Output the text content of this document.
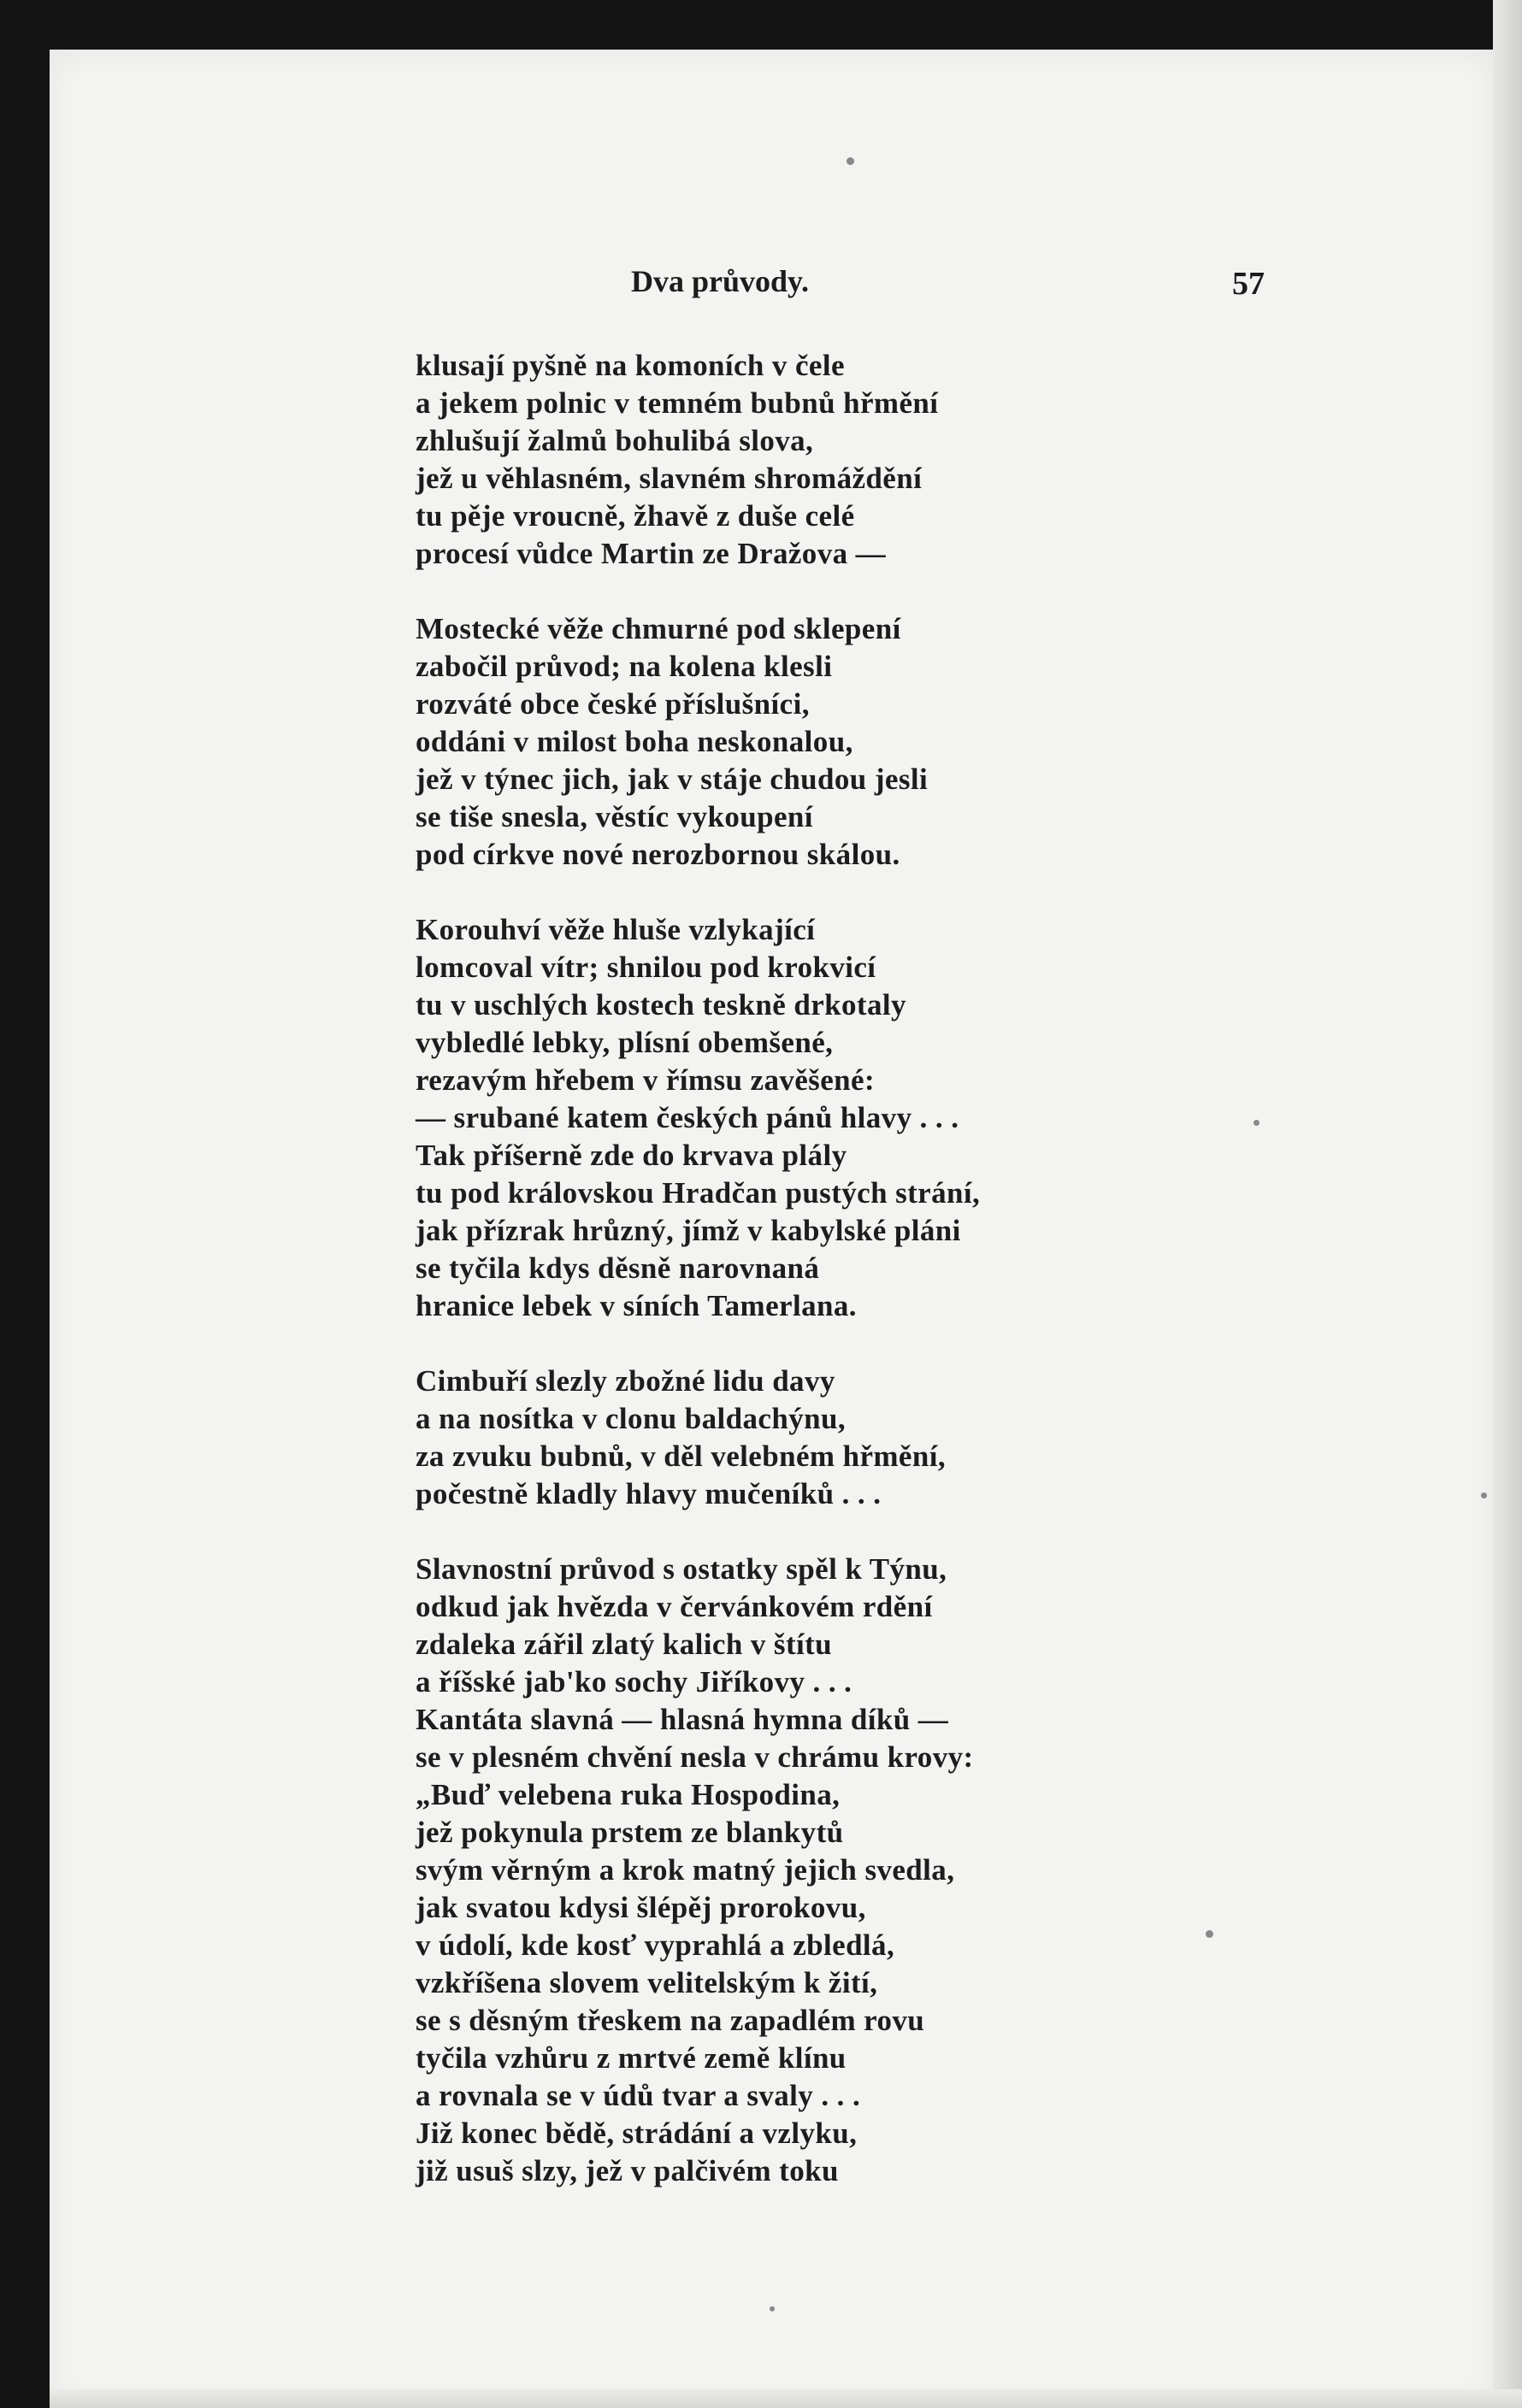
Dva průvody.	57
klusají pyšně na komoních v čele
a jekem polnic v temném bubnů hřmění
zhlušují žalmů bohulibá slova,
jež u věhlasném, slavném shromáždění
tu pěje vroucně, žhavě z duše celé
procesí vůdce Martin ze Dražova —
Mostecké věže chmurné pod sklepení
zabočil průvod; na kolena klesli
rozváté obce české příslušníci,
oddáni v milost boha neskonalou,
jež v týnec jich, jak v stáje chudou jesli
se tiše snesla, věstíc vykoupení
pod církve nové nerozbornou skálou.
Korouhví věže hluše vzlykající
lomcoval vítr; shnilou pod krokvicí
tu v uschlých kostech teskně drkotaly
vybledlé lebky, plísní obemšené,
rezavým hřebem v římsu zavěšené:
— srubané katem českých pánů hlavy . . .
Tak příšerně zde do krvava plály
tu pod královskou Hradčan pustých strání,
jak přízrak hrůzný, jímž v kabylské pláni
se tyčila kdys děsně narovnaná
hranice lebek v síních Tamerlana.
Cimbuří slezly zbožné lidu davy
a na nosítka v clonu baldachýnu,
za zvuku bubnů, v děl velebném hřmění,
počestně kladly hlavy mučeníků . . .
Slavnostní průvod s ostatky spěl k Týnu,
odkud jak hvězda v červánkovém rdění
zdaleka zářil zlatý kalich v štítu
a říšské jab'ko sochy Jiříkovy . . .
Kantáta slavná — hlasná hymna díků —
se v plesném chvění nesla v chrámu krovy:
„Buď velebena ruka Hospodina,
jež pokynula prstem ze blankytů
svým věrným a krok matný jejich svedla,
jak svatou kdysi šlépěj prorokovu,
v údolí, kde kosť vyprahlá a zbledlá,
vzkříšena slovem velitelským k žití,
se s děsným třeskem na zapadlém rovu
tyčila vzhůru z mrtvé země klínu
a rovnala se v údů tvar a svaly . . .
Již konec bědě, strádání a vzlyku,
již usuš slzy, jež v palčivém toku
